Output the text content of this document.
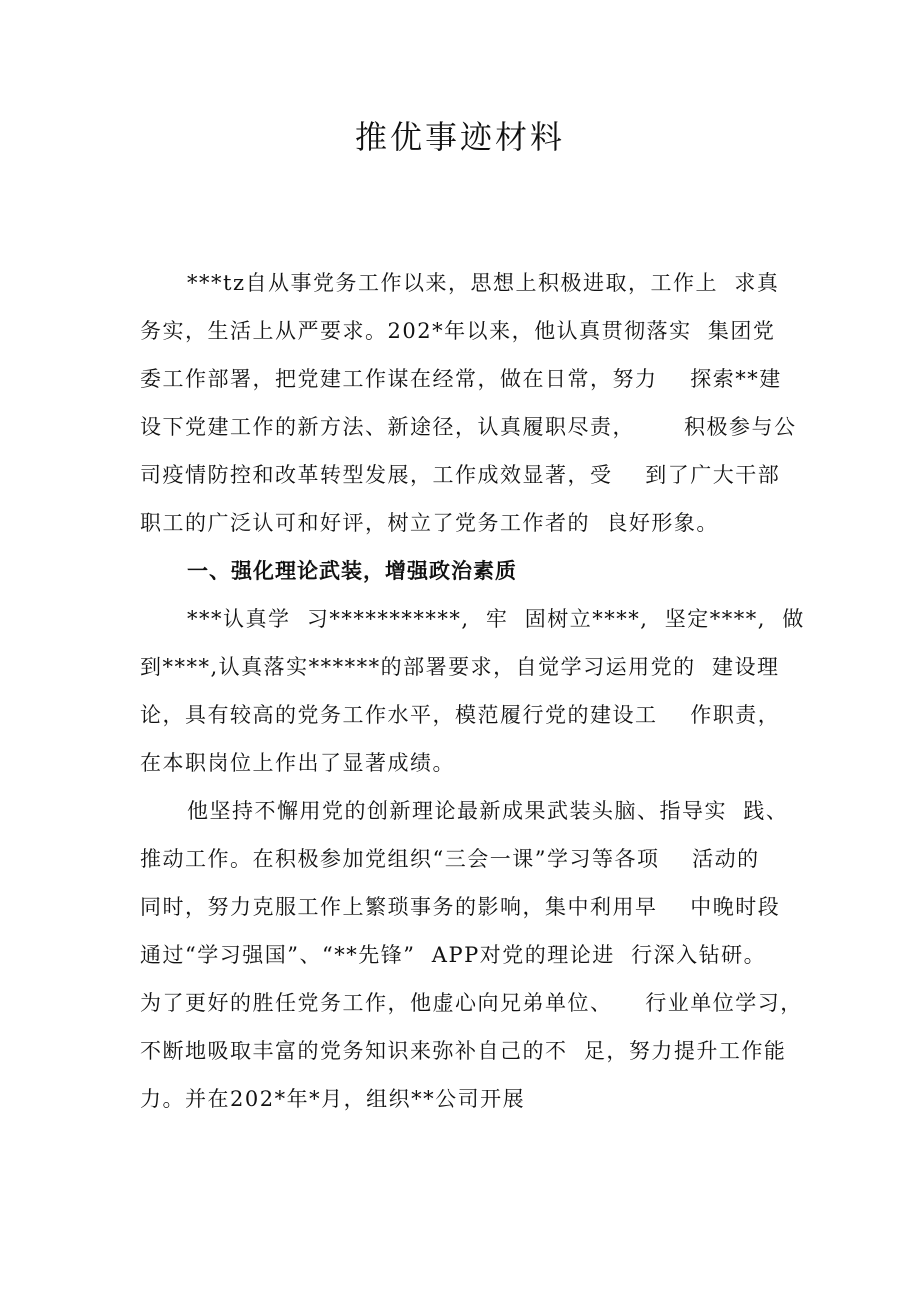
推优事迹材料
***tz自从事党务工作以来，思想上积极进取，工作上  求真
务实，生活上从严要求。202*年以来，他认真贯彻落实  集团党
委工作部署，把党建工作谋在经常，做在日常，努力    探索**建
设下党建工作的新方法、新途径，认真履职尽责，      积极参与公
司疫情防控和改革转型发展，工作成效显著，受    到了广大干部
职工的广泛认可和好评，树立了党务工作者的  良好形象。
一、强化理论武装，增强政治素质
***认真学  习***********,  牢  固树立****,  坚定****,  做
到****,认真落实******的部署要求，自觉学习运用党的  建设理
论，具有较高的党务工作水平，模范履行党的建设工    作职责，
在本职岗位上作出了显著成绩。
他坚持不懈用党的创新理论最新成果武装头脑、指导实  践、
推动工作。在积极参加党组织“三会一课”学习等各项    活动的
同时，努力克服工作上繁琐事务的影响，集中利用早    中晚时段
通过“学习强国”、“**先锋”  APP对党的理论进  行深入钻研。
为了更好的胜任党务工作，他虚心向兄弟单位、    行业单位学习，
不断地吸取丰富的党务知识来弥补自己的不  足，努力提升工作能
力。并在202*年*月，组织**公司开展
